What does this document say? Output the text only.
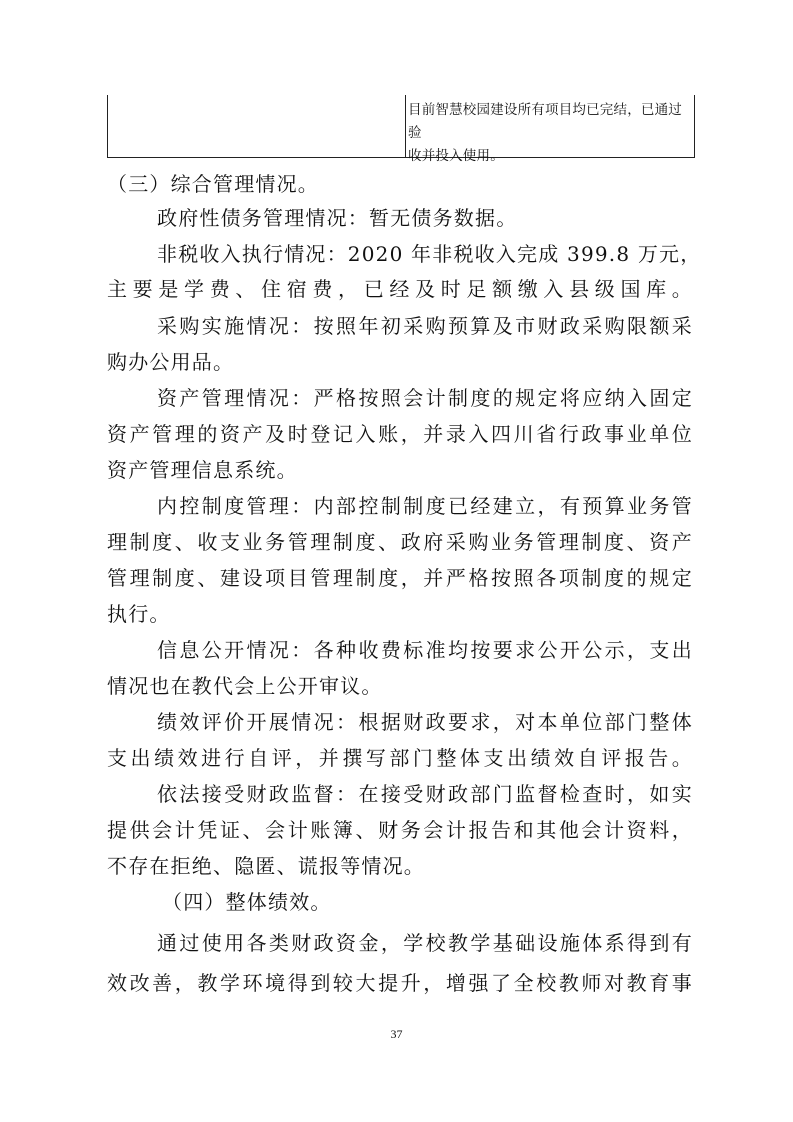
目前智慧校园建设所有项目均已完结，已通过验
收并投入使用。
（三）综合管理情况。
政府性债务管理情况：暂无债务数据。
非税收入执行情况：2020 年非税收入完成 399.8 万元，
主要是学费、住宿费，已经及时足额缴入县级国库。
采购实施情况：按照年初采购预算及市财政采购限额采
购办公用品。
资产管理情况：严格按照会计制度的规定将应纳入固定
资产管理的资产及时登记入账，并录入四川省行政事业单位
资产管理信息系统。
内控制度管理：内部控制制度已经建立，有预算业务管
理制度、收支业务管理制度、政府采购业务管理制度、资产
管理制度、建设项目管理制度，并严格按照各项制度的规定
执行。
信息公开情况：各种收费标准均按要求公开公示，支出
情况也在教代会上公开审议。
绩效评价开展情况：根据财政要求，对本单位部门整体
支出绩效进行自评，并撰写部门整体支出绩效自评报告。
依法接受财政监督：在接受财政部门监督检查时，如实
提供会计凭证、会计账簿、财务会计报告和其他会计资料，
不存在拒绝、隐匿、谎报等情况。
（四）整体绩效。
通过使用各类财政资金，学校教学基础设施体系得到有
效改善，教学环境得到较大提升，增强了全校教师对教育事
37
